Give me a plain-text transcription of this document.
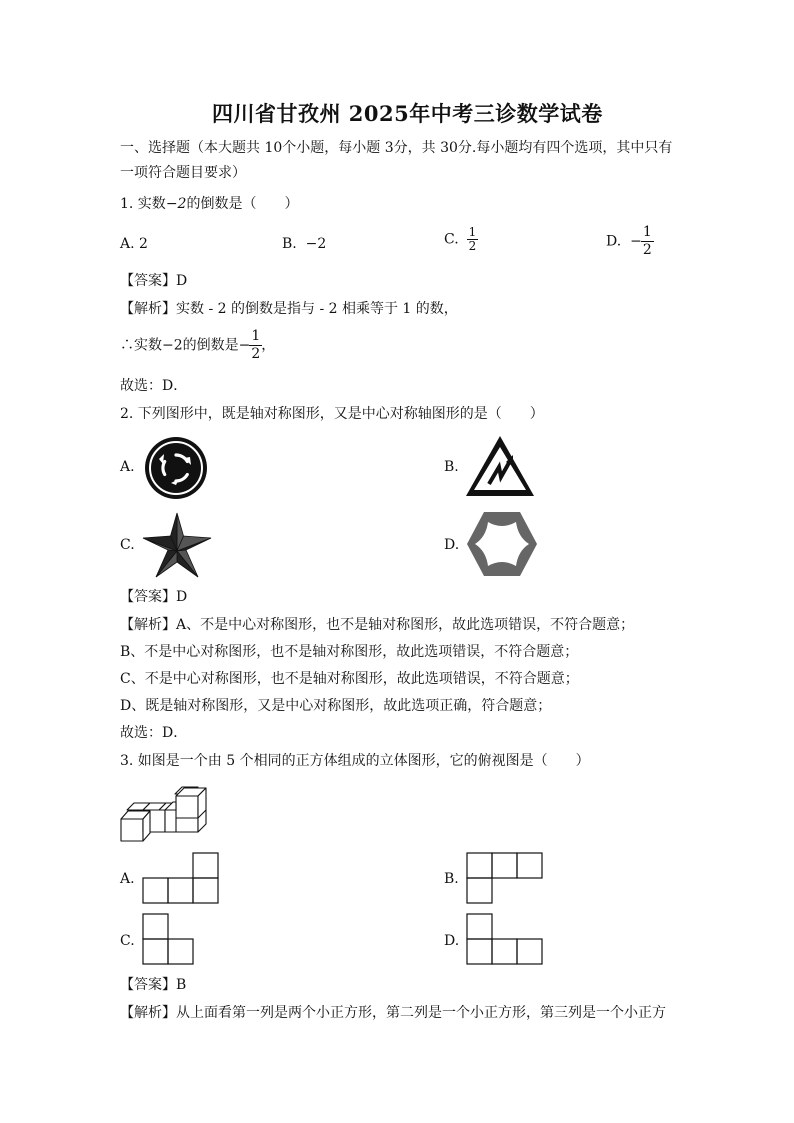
四川省甘孜州 2025年中考三诊数学试卷
一、选择题（本大题共 10个小题，每小题 3分，共 30分.每小题均有四个选项，其中只有
一项符合题目要求）
1. 实数−2的倒数是（　　）
A. 2	B. −2	C. $\frac{1}{2}$	D. − $\frac{1}{2}$
【答案】D
【解析】实数 - 2 的倒数是指与 - 2 相乘等于 1 的数，
∴实数−2的倒数是− $\frac{1}{2}$ ，
故选：D．
2. 下列图形中，既是轴对称图形，又是中心对称轴图形的是（　　）
A.	B.
C.	D.
【答案】D
【解析】A、不是中心对称图形，也不是轴对称图形，故此选项错误，不符合题意；
B、不是中心对称图形，也不是轴对称图形，故此选项错误，不符合题意；
C、不是中心对称图形，也不是轴对称图形，故此选项错误，不符合题意；
D、既是轴对称图形，又是中心对称图形，故此选项正确，符合题意；
故选：D．
3. 如图是一个由 5 个相同的正方体组成的立体图形，它的俯视图是（　　）
A.	B.
C.	D.
【答案】B
【解析】从上面看第一列是两个小正方形，第二列是一个小正方形，第三列是一个小正方
